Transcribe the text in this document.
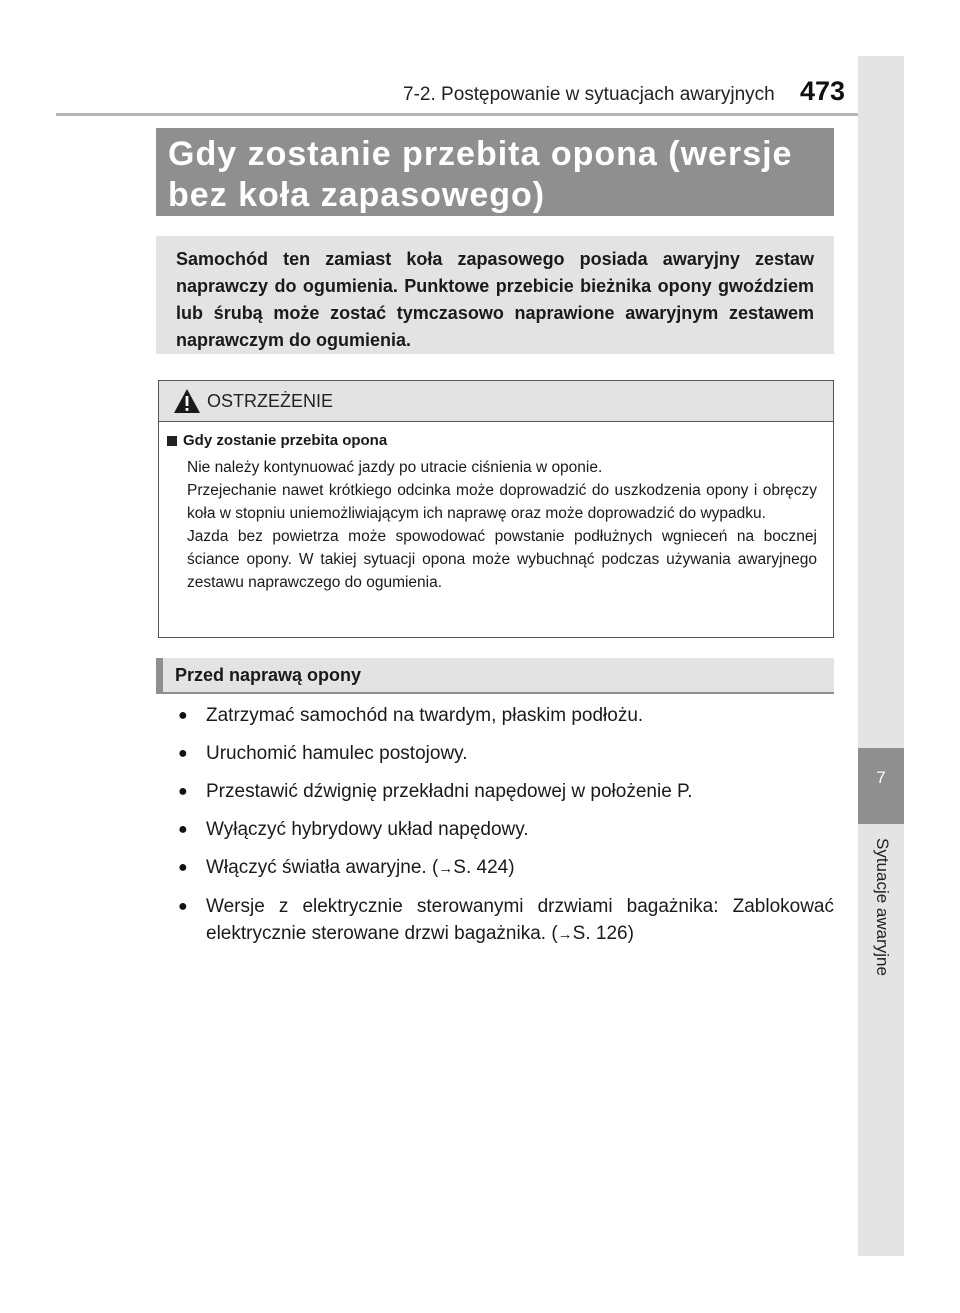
7-2. Postępowanie w sytuacjach awaryjnych 473
7
Sytuacje awaryjne
Gdy zostanie przebita opona (wersje bez koła zapasowego)
Samochód ten zamiast koła zapasowego posiada awaryjny zestaw naprawczy do ogumienia. Punktowe przebicie bieżnika opony gwoździem lub śrubą może zostać tymczasowo naprawione awaryjnym zestawem naprawczym do ogumienia.
OSTRZEŻENIE
Gdy zostanie przebita opona

Nie należy kontynuować jazdy po utracie ciśnienia w oponie.

Przejechanie nawet krótkiego odcinka może doprowadzić do uszkodzenia opony i obręczy koła w stopniu uniemożliwiającym ich naprawę oraz może doprowadzić do wypadku.

Jazda bez powietrza może spowodować powstanie podłużnych wgnieceń na bocznej ściance opony. W takiej sytuacji opona może wybuchnąć podczas używania awaryjnego zestawu naprawczego do ogumienia.

Przed naprawą opony
● Zatrzymać samochód na twardym, płaskim podłożu.
● Uruchomić hamulec postojowy.
● Przestawić dźwignię przekładni napędowej w położenie P.
● Wyłączyć hybrydowy układ napędowy.
● Włączyć światła awaryjne. (→S. 424)
● Wersje z elektrycznie sterowanymi drzwiami bagażnika: Zablokować elektrycznie sterowane drzwi bagażnika. (→S. 126)
